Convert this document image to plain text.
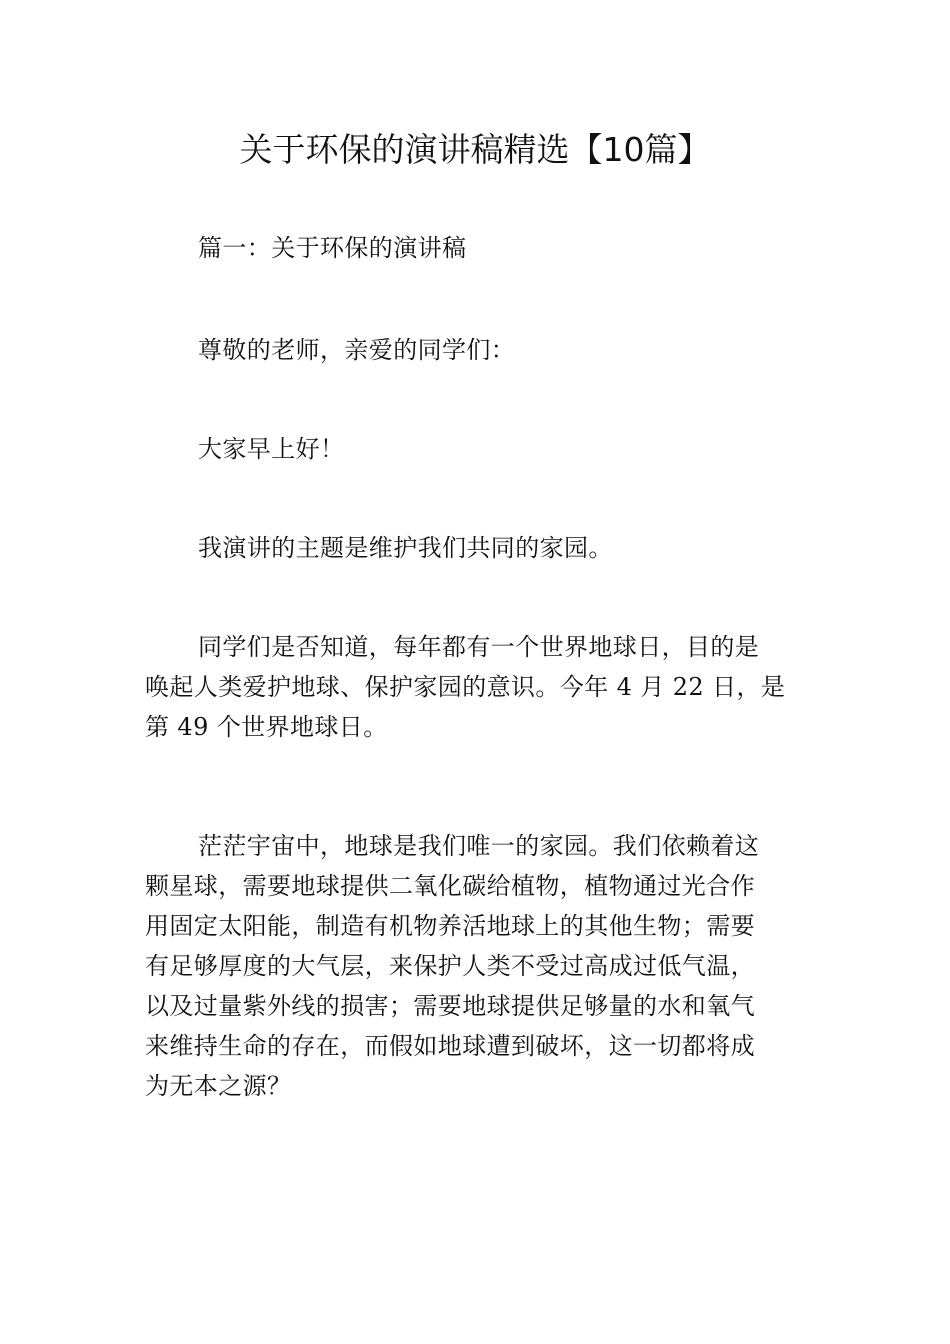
关于环保的演讲稿精选【10篇】
篇一：关于环保的演讲稿
尊敬的老师，亲爱的同学们：
大家早上好！
我演讲的主题是维护我们共同的家园。
同学们是否知道，每年都有一个世界地球日，目的是
唤起人类爱护地球、保护家园的意识。今年 4 月 22 日，是
第 49 个世界地球日。
茫茫宇宙中，地球是我们唯一的家园。我们依赖着这
颗星球，需要地球提供二氧化碳给植物，植物通过光合作
用固定太阳能，制造有机物养活地球上的其他生物；需要
有足够厚度的大气层，来保护人类不受过高成过低气温，
以及过量紫外线的损害；需要地球提供足够量的水和氧气
来维持生命的存在，而假如地球遭到破坏，这一切都将成
为无本之源？
